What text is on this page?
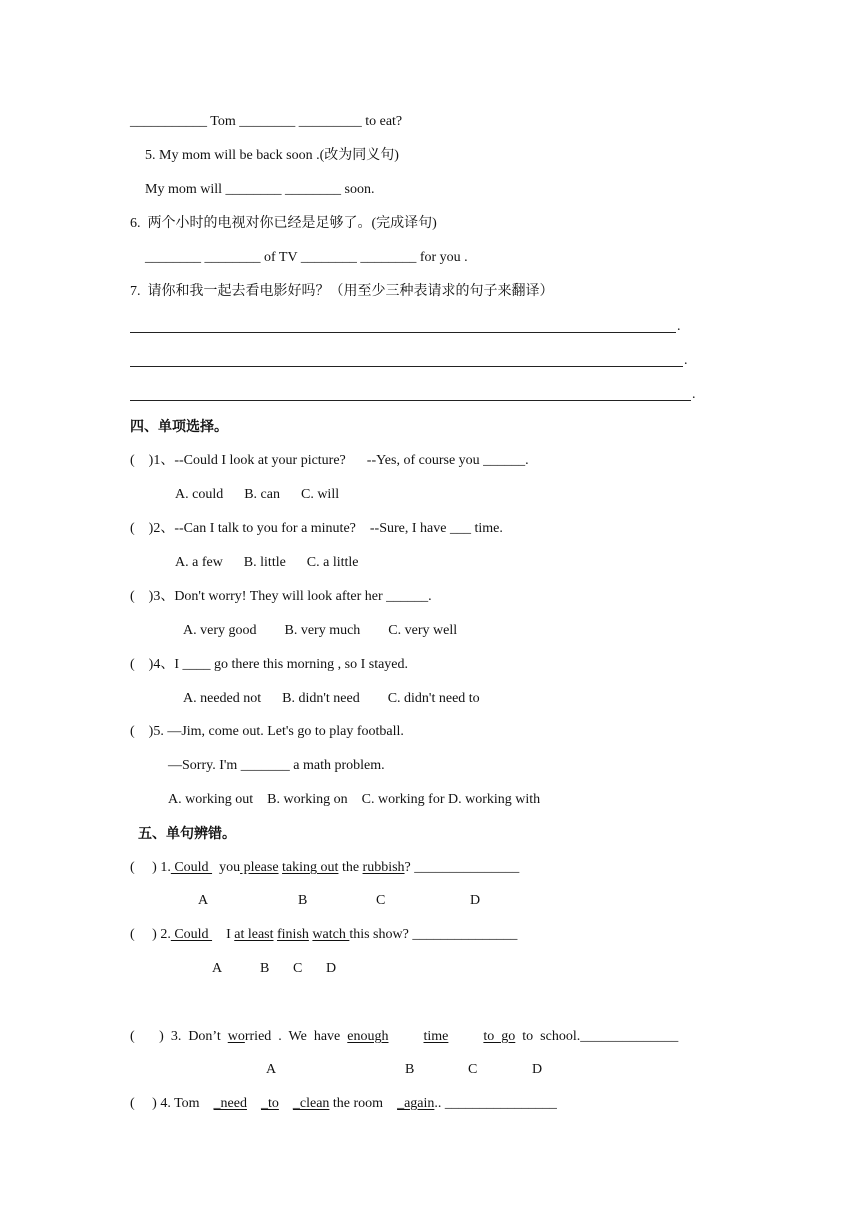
___________ Tom ________ _________ to eat?
5. My mom will be back soon .(改为同义句)
My mom will ________ ________ soon.
6.  两个小时的电视对你已经是足够了。(完成译句)
________ ________ of TV ________ ________ for you .
7.  请你和我一起去看电影好吗？（用至少三种表请求的句子来翻译）
.
.
.
四、单项选择。
(    )1、--Could I look at your picture?      --Yes, of course you ______.
A. could      B. can      C. will
(    )2、--Can I talk to you for a minute?    --Sure, I have ___ time.
A. a few      B. little      C. a little
(    )3、Don't worry! They will look after her ______.
A. very good        B. very much        C. very well
(    )4、I ____ go there this morning , so I stayed.
A. needed not      B. didn't need        C. didn't need to
(    )5. —Jim, come out. Let's go to play football.
—Sorry. I'm _______ a math problem.
A. working out    B. working on    C. working for D. working with
五、单句辨错。
(     ) 1. Could   you please taking out the rubbish? _______________

A

	B

	C

	D

(     ) 2. Could     I at least finish watch this show? _______________

A

	B

C

D

(       )  3.  Don’t  worried  .  We  have  enough	time	to  go  to  school.______________

A

	B

	C

	D

(     ) 4. Tom    _need _to _clean the room    _again.. ________________
